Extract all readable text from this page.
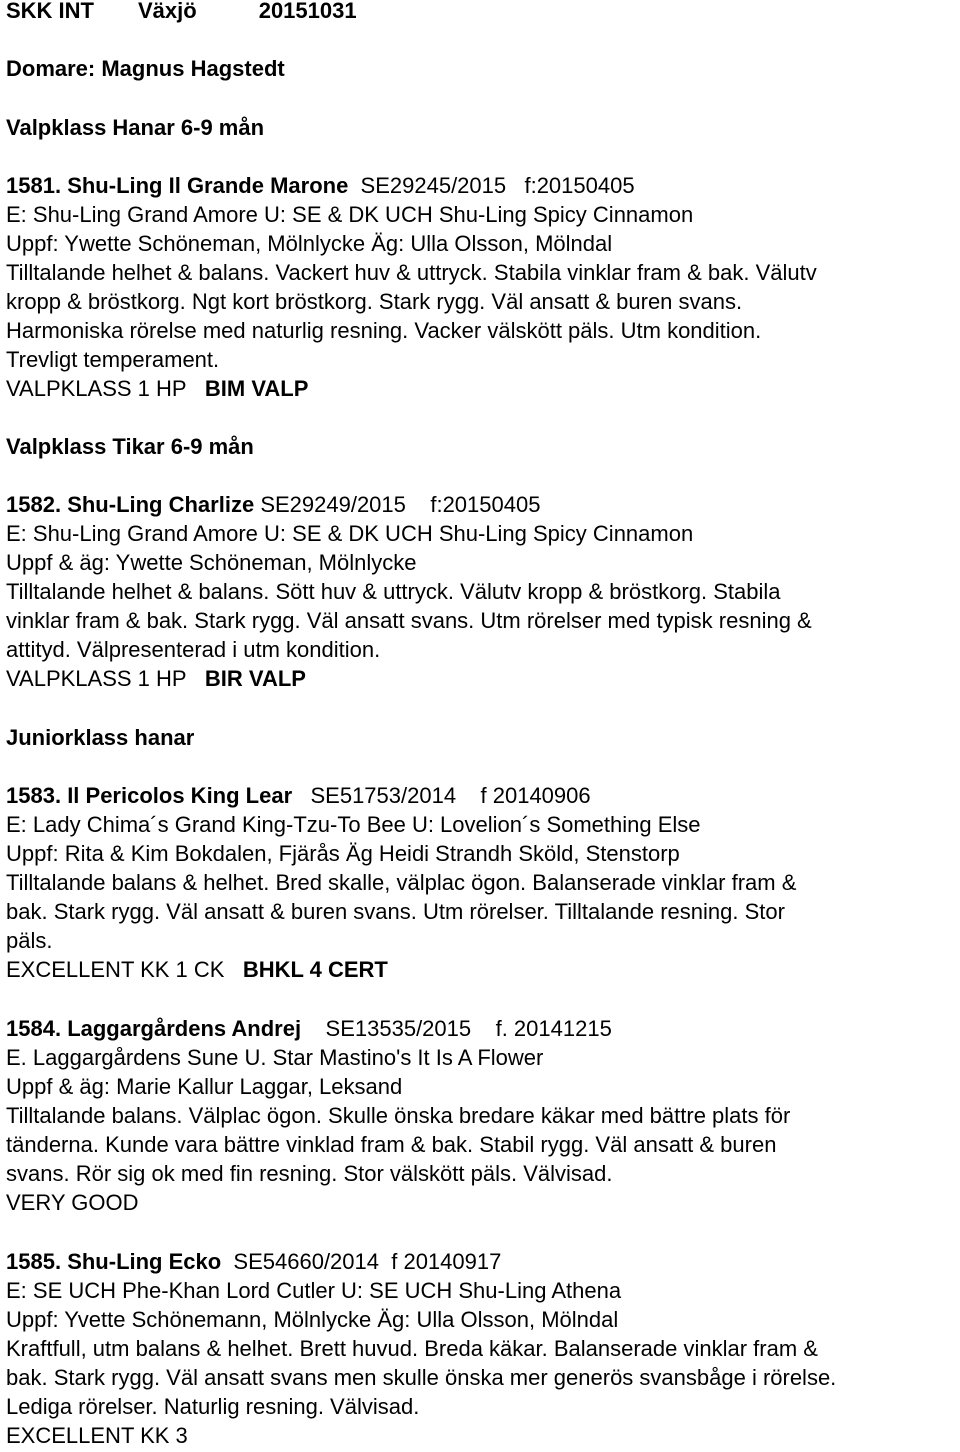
SKK INT Växjö	20151031

Domare: Magnus Hagstedt

Valpklass Hanar 6-9 mån

1581. Shu-Ling Il Grande Marone SE29245/2015 f:20150405

E: Shu-Ling Grand Amore U: SE & DK UCH Shu-Ling Spicy Cinnamon

Uppf: Ywette Schöneman, Mölnlycke Äg: Ulla Olsson, Mölndal

Tilltalande helhet & balans. Vackert huv & uttryck. Stabila vinklar fram & bak. Välutv

kropp & bröstkorg. Ngt kort bröstkorg. Stark rygg. Väl ansatt & buren svans.

Harmoniska rörelse med naturlig resning. Vacker välskött päls. Utm kondition.

Trevligt temperament.

VALPKLASS 1 HP BIM VALP

Valpklass Tikar 6-9 mån

1582. Shu-Ling Charlize SE29249/2015 f:20150405

E: Shu-Ling Grand Amore U: SE & DK UCH Shu-Ling Spicy Cinnamon

Uppf & äg: Ywette Schöneman, Mölnlycke

Tilltalande helhet & balans. Sött huv & uttryck. Välutv kropp & bröstkorg. Stabila

vinklar fram & bak. Stark rygg. Väl ansatt svans. Utm rörelser med typisk resning &

attityd. Välpresenterad i utm kondition.

VALPKLASS 1 HP BIR VALP

Juniorklass hanar

1583. Il Pericolos King Lear SE51753/2014 f 20140906

E: Lady Chima´s Grand King-Tzu-To Bee U: Lovelion´s Something Else

Uppf: Rita & Kim Bokdalen, Fjärås Äg Heidi Strandh Sköld, Stenstorp

Tilltalande balans & helhet. Bred skalle, välplac ögon. Balanserade vinklar fram &

bak. Stark rygg. Väl ansatt & buren svans. Utm rörelser. Tilltalande resning. Stor

päls.

EXCELLENT KK 1 CK BHKL 4 CERT

1584. Laggargårdens Andrej SE13535/2015 f. 20141215

E. Laggargårdens Sune U. Star Mastino's It Is A Flower

Uppf & äg: Marie Kallur Laggar, Leksand

Tilltalande balans. Välplac ögon. Skulle önska bredare käkar med bättre plats för

tänderna. Kunde vara bättre vinklad fram & bak. Stabil rygg. Väl ansatt & buren

svans. Rör sig ok med fin resning. Stor välskött päls. Välvisad.

VERY GOOD

1585. Shu-Ling Ecko SE54660/2014 f 20140917

E: SE UCH Phe-Khan Lord Cutler U: SE UCH Shu-Ling Athena

Uppf: Yvette Schönemann, Mölnlycke Äg: Ulla Olsson, Mölndal

Kraftfull, utm balans & helhet. Brett huvud. Breda käkar. Balanserade vinklar fram &

bak. Stark rygg. Väl ansatt svans men skulle önska mer generös svansbåge i rörelse.

Lediga rörelser. Naturlig resning. Välvisad.

EXCELLENT KK 3
